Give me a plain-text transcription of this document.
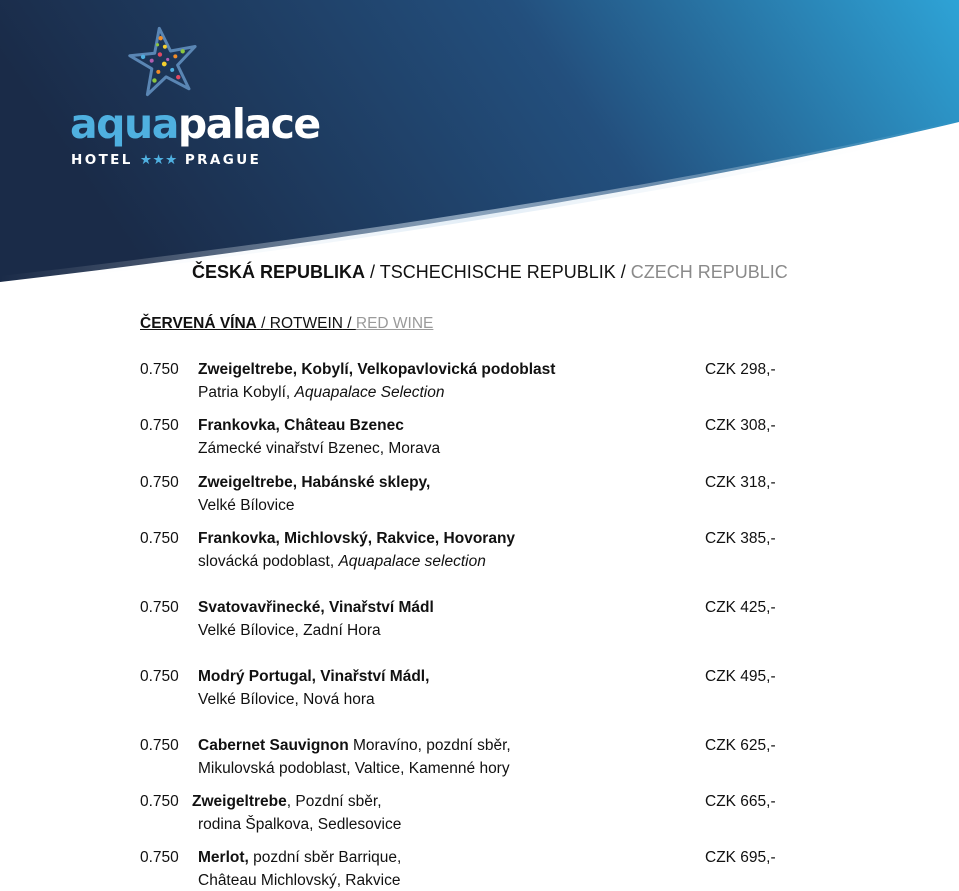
aquapalace
HOTEL ★★★ PRAGUE
ČESKÁ REPUBLIKA / TSCHECHISCHE REPUBLIK / CZECH REPUBLIC
ČERVENÁ VÍNA / ROTWEIN / RED WINE
0.750 Zweigeltrebe, Kobylí, Velkopavlovická podoblast
Patria Kobylí, Aquapalace Selection
CZK 298,-
0.750 Frankovka, Château Bzenec
Zámecké vinařství Bzenec, Morava
CZK 308,-
0.750 Zweigeltrebe, Habánské sklepy,
Velké Bílovice
CZK 318,-
0.750 Frankovka, Michlovský, Rakvice, Hovorany
slovácká podoblast, Aquapalace selection
CZK 385,-
0.750 Svatovavřinecké, Vinařství Mádl
Velké Bílovice, Zadní Hora
CZK 425,-
0.750 Modrý Portugal, Vinařství Mádl,
Velké Bílovice, Nová hora
CZK 495,-
0.750 Cabernet Sauvignon Moravíno, pozdní sběr,
Mikulovská podoblast, Valtice, Kamenné hory
CZK 625,-
0.750 Zweigeltrebe, Pozdní sběr,
rodina Špalkova, Sedlesovice
CZK 665,-
0.750 Merlot, pozdní sběr Barrique,
Château Michlovský, Rakvice
CZK 695,-
